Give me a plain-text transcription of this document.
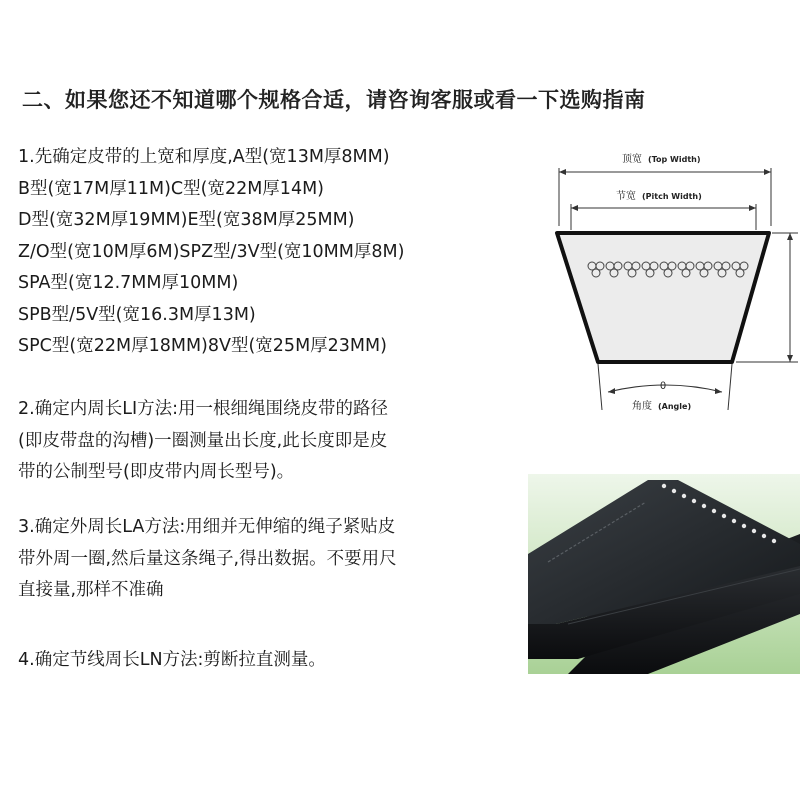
二、如果您还不知道哪个规格合适，请咨询客服或看一下选购指南
1.先确定皮带的上宽和厚度,A型(宽13M厚8MM)
B型(宽17M厚11M)C型(宽22M厚14M)
D型(宽32M厚19MM)E型(宽38M厚25MM)
Z/O型(宽10M厚6M)SPZ型/3V型(宽10MM厚8M)
SPA型(宽12.7MM厚10MM)
SPB型/5V型(宽16.3M厚13M)
SPC型(宽22M厚18MM)8V型(宽25M厚23MM)
2.确定内周长LI方法:用一根细绳围绕皮带的路径
(即皮带盘的沟槽)一圈测量出长度,此长度即是皮
带的公制型号(即皮带内周长型号)。
3.确定外周长LA方法:用细并无伸缩的绳子紧贴皮
带外周一圈,然后量这条绳子,得出数据。不要用尺
直接量,那样不准确
4.确定节线周长LN方法:剪断拉直测量。
顶宽 (Top Width)
节宽 (Pitch Width)
θ
角度 (Angle)
